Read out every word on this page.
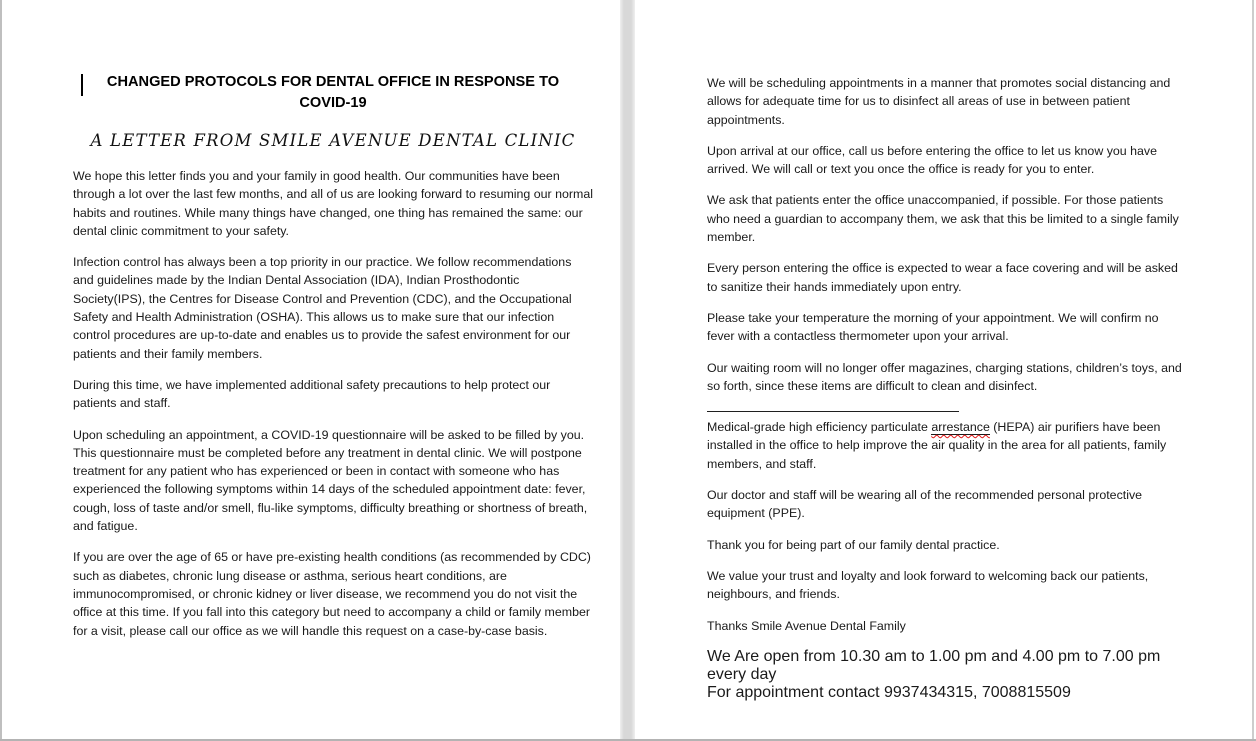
CHANGED PROTOCOLS FOR DENTAL OFFICE IN RESPONSE TO
COVID-19
A LETTER FROM SMILE AVENUE DENTAL CLINIC

We hope this letter finds you and your family in good health. Our communities have been through a lot over the last few months, and all of us are looking forward to resuming our normal habits and routines. While many things have changed, one thing has remained the same: our dental clinic commitment to your safety.

Infection control has always been a top priority in our practice. We follow recommendations and guidelines made by the Indian Dental Association (IDA), Indian Prosthodontic Society(IPS), the Centres for Disease Control and Prevention (CDC), and the Occupational Safety and Health Administration (OSHA). This allows us to make sure that our infection control procedures are up-to-date and enables us to provide the safest environment for our patients and their family members.

During this time, we have implemented additional safety precautions to help protect our patients and staff.

Upon scheduling an appointment, a COVID-19 questionnaire will be asked to be filled by you. This questionnaire must be completed before any treatment in dental clinic. We will postpone treatment for any patient who has experienced or been in contact with someone who has experienced the following symptoms within 14 days of the scheduled appointment date: fever, cough, loss of taste and/or smell, flu-like symptoms, difficulty breathing or shortness of breath, and fatigue.

If you are over the age of 65 or have pre-existing health conditions (as recommended by CDC) such as diabetes, chronic lung disease or asthma, serious heart conditions, are immunocompromised, or chronic kidney or liver disease, we recommend you do not visit the office at this time. If you fall into this category but need to accompany a child or family member for a visit, please call our office as we will handle this request on a case-by-case basis.

We will be scheduling appointments in a manner that promotes social distancing and allows for adequate time for us to disinfect all areas of use in between patient appointments.

Upon arrival at our office, call us before entering the office to let us know you have arrived. We will call or text you once the office is ready for you to enter.

We ask that patients enter the office unaccompanied, if possible. For those patients who need a guardian to accompany them, we ask that this be limited to a single family member.

Every person entering the office is expected to wear a face covering and will be asked to sanitize their hands immediately upon entry.

Please take your temperature the morning of your appointment. We will confirm no fever with a contactless thermometer upon your arrival.

Our waiting room will no longer offer magazines, charging stations, children’s toys, and so forth, since these items are difficult to clean and disinfect.

Medical-grade high efficiency particulate arrestance (HEPA) air purifiers have been installed in the office to help improve the air quality in the area for all patients, family members, and staff.

Our doctor and staff will be wearing all of the recommended personal protective equipment (PPE).

Thank you for being part of our family dental practice.

We value your trust and loyalty and look forward to welcoming back our patients, neighbours, and friends.

Thanks Smile Avenue Dental Family

We Are open from 10.30 am to 1.00 pm and 4.00 pm to 7.00 pm every day
For appointment contact 9937434315, 7008815509
